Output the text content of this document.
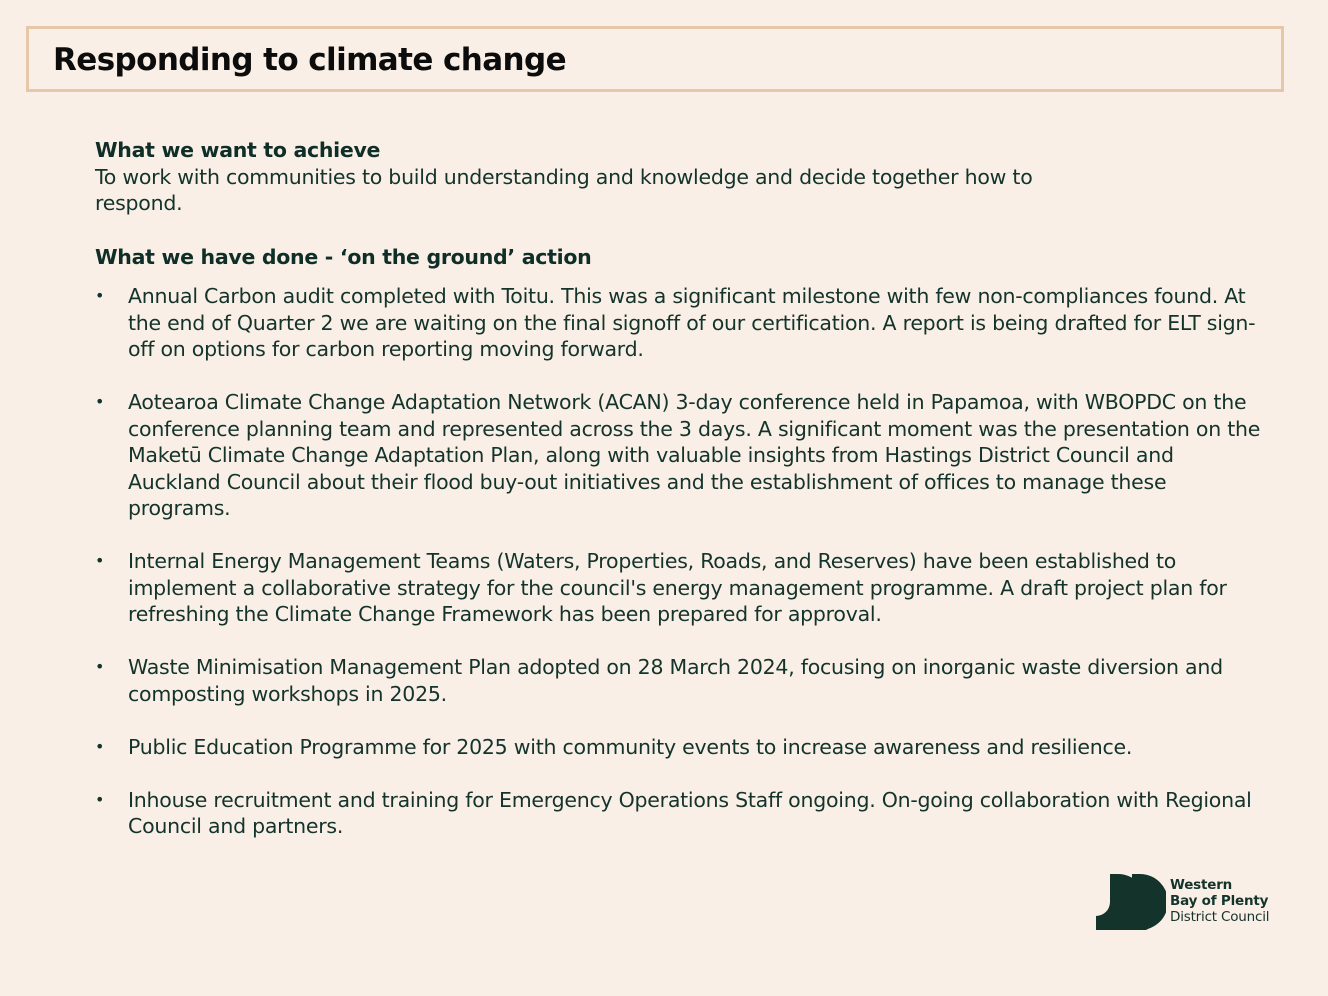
Responding to climate change

What we want to achieve

To work with communities to build understanding and knowledge and decide together how to respond.

What we have done - ‘on the ground’ action

• Annual Carbon audit completed with Toitu. This was a significant milestone with few non-compliances found. At the end of Quarter 2 we are waiting on the final signoff of our certification. A report is being drafted for ELT sign-off on options for carbon reporting moving forward.
• Aotearoa Climate Change Adaptation Network (ACAN) 3-day conference held in Papamoa, with WBOPDC on the conference planning team and represented across the 3 days. A significant moment was the presentation on the Maketū Climate Change Adaptation Plan, along with valuable insights from Hastings District Council and Auckland Council about their flood buy-out initiatives and the establishment of offices to manage these programs.
• Internal Energy Management Teams (Waters, Properties, Roads, and Reserves) have been established to implement a collaborative strategy for the council's energy management programme. A draft project plan for refreshing the Climate Change Framework has been prepared for approval.
• Waste Minimisation Management Plan adopted on 28 March 2024, focusing on inorganic waste diversion and composting workshops in 2025.
• Public Education Programme for 2025 with community events to increase awareness and resilience.
• Inhouse recruitment and training for Emergency Operations Staff ongoing. On-going collaboration with Regional Council and partners.
Western
Bay of Plenty
District Council
